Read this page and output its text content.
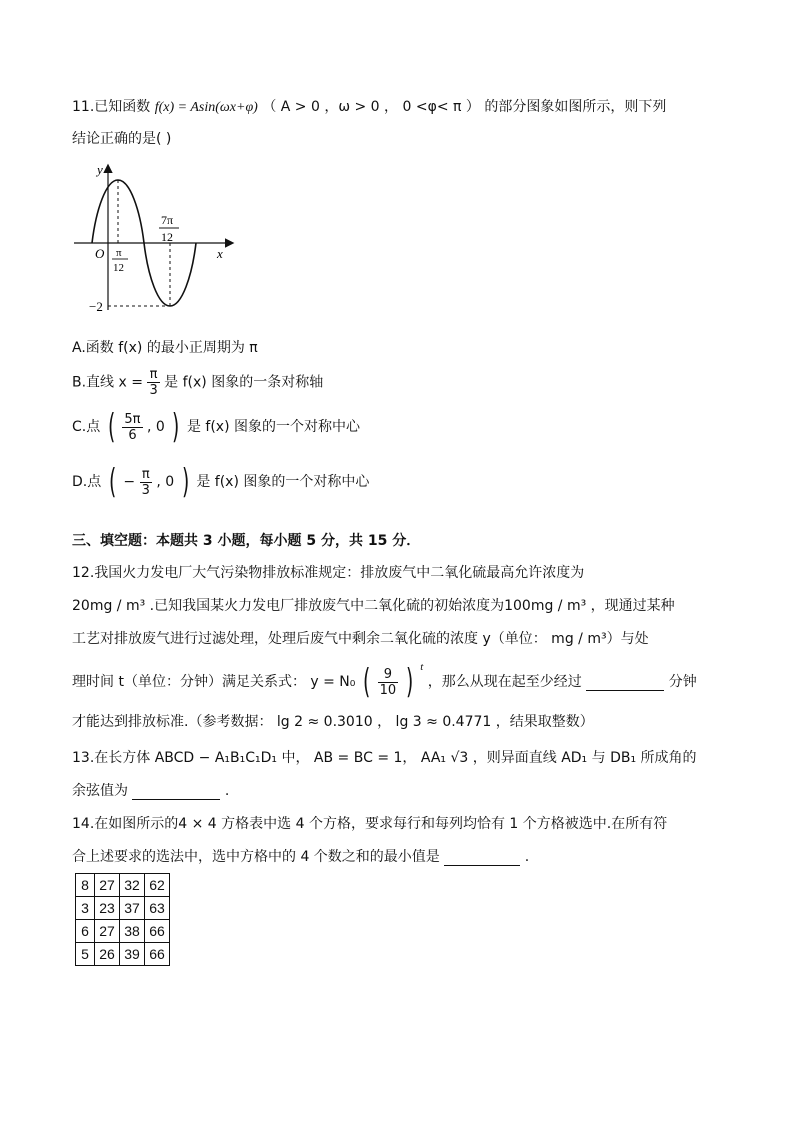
11.已知函数 f(x) = Asin(ωx+φ) （ A > 0 ，ω > 0 ， 0 <φ< π ） 的部分图象如图所示，则下列
结论正确的是( )
y
x
O π
12
7π
12
−2
A.函数 f(x) 的最小正周期为 π
B.直线 $x = \frac{\pi}{3}$ 是 f(x) 图象的一条对称轴
C.点 ( $\frac{5\pi}{6}$ , 0 ) 是 f(x) 图象的一个对称中心
D.点 ( − $\frac{\pi}{3}$ , 0 ) 是 f(x) 图象的一个对称中心
三、填空题：本题共 3 小题，每小题 5 分，共 15 分．
12.我国火力发电厂大气污染物排放标准规定：排放废气中二氧化硫最高允许浓度为
20mg / m³ .已知我国某火力发电厂排放废气中二氧化硫的初始浓度为100mg / m³ ，现通过某种
工艺对排放废气进行过滤处理，处理后废气中剩余二氧化硫的浓度 y（单位： mg / m³）与处
理时间 t（单位：分钟）满足关系式： y = N₀ ( $\frac{9}{10}$ ) $^t$ ，那么从现在起至少经过	分钟
才能达到排放标准.（参考数据： lg 2 ≈ 0.3010 ， lg 3 ≈ 0.4771 ，结果取整数）
13.在长方体 ABCD − A₁B₁C₁D₁ 中， AB = BC = 1， AA₁ √3 ，则异面直线 AD₁ 与 DB₁ 所成角的
余弦值为	.
14.在如图所示的4 × 4 方格表中选 4 个方格，要求每行和每列均恰有 1 个方格被选中.在所有符
合上述要求的选法中，选中方格中的 4 个数之和的最小值是	.
8	27	32	62
3	23	37	63
6	27	38	66
5	26	39	66
